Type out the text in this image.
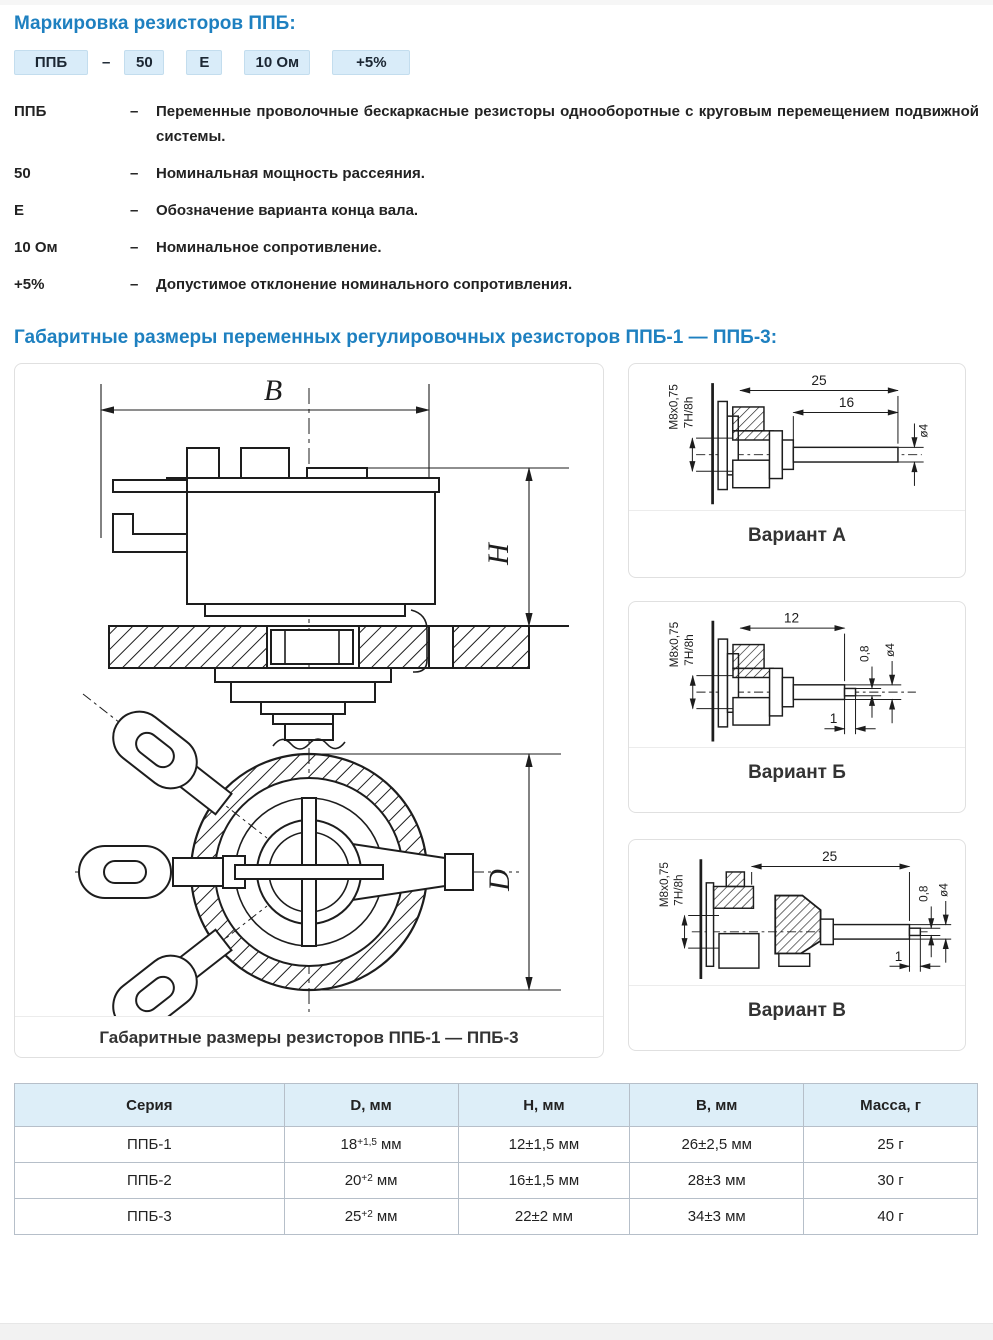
Маркировка резисторов ППБ:
ППБ	–	50	Е	10 Ом	+5%
ППБ	–	Переменные проволочные бескаркасные резисторы однооборотные с круговым перемещением подвижной системы.
50	–	Номинальная мощность рассеяния.
Е	–	Обозначение варианта конца вала.
10 Ом	–	Номинальное сопротивление.
+5%	–	Допустимое отклонение номинального сопротивления.
Габаритные размеры переменных регулировочных резисторов ППБ-1 — ППБ-3:
B
H
D
Габаритные размеры резисторов ППБ-1 — ППБ-3
25
16
ø4
M8x0,75 7H/8h
Вариант А
12
0,8 ø4
1
M8x0,75 7H/8h
Вариант Б
25
0,8 ø4
1
M8x0,75 7H/8h
Вариант В
Серия	D, мм	H, мм	B, мм	Масса, г
ППБ-1	$18^{+1,5}$ мм	12±1,5 мм	26±2,5 мм	25 г
ППБ-2	$20^{+2}$ мм	16±1,5 мм	28±3 мм	30 г
ППБ-3	$25^{+2}$ мм	22±2 мм	34±3 мм	40 г
